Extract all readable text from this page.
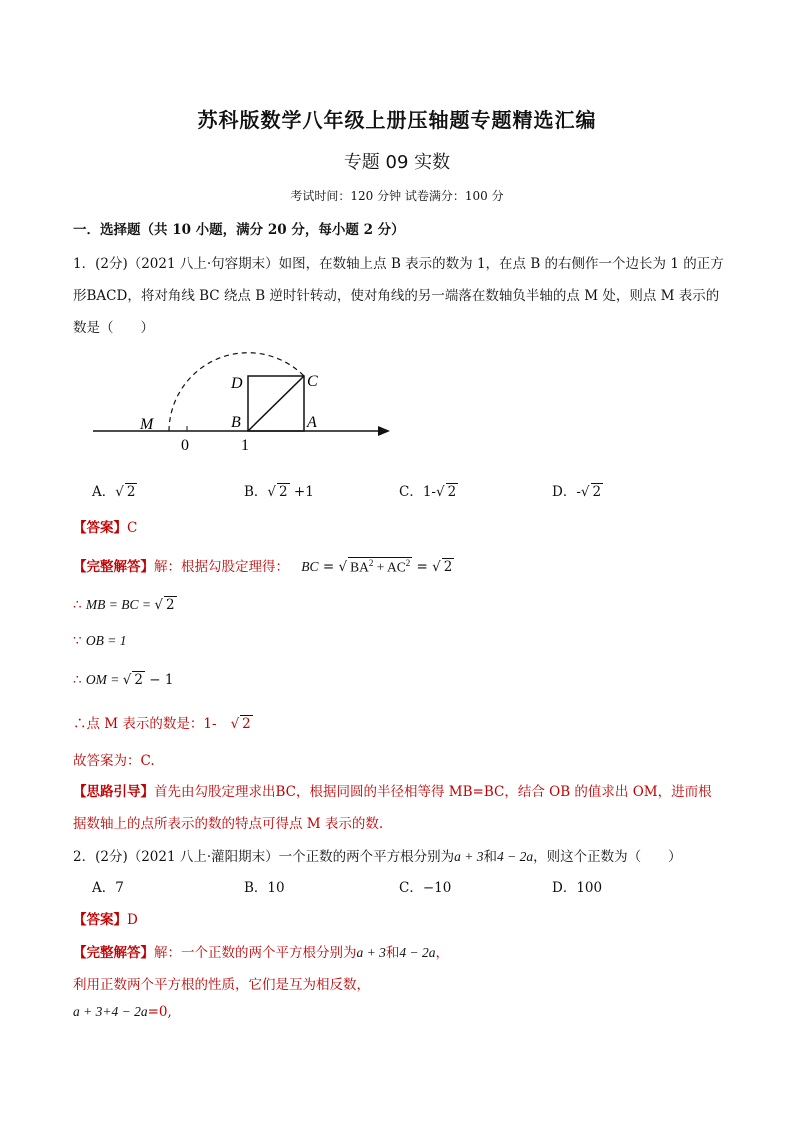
苏科版数学八年级上册压轴题专题精选汇编
专题 09 实数
考试时间：120 分钟 试卷满分：100 分
一．选择题（共 10 小题，满分 20 分，每小题 2 分）
1．(2分)（2021 八上·句容期末）如图，在数轴上点 B 表示的数为 1，在点 B 的右侧作一个边长为 1 的正方
形BACD，将对角线 BC 绕点 B 逆时针转动，使对角线的另一端落在数轴负半轴的点 M 处，则点 M 表示的
数是（　　）
M
0
B
1
A
C
D
A．√ 2	B．√ 2 +1	C．1-√ 2	D．-√ 2
【答案】C
【完整解答】解：根据勾股定理得： BC = √ $BA^2 + AC^2$ = √ 2
∴ MB = BC = √ 2
∵ OB = 1
∴ OM = √ 2 − 1
∴点 M 表示的数是：1- √ 2
故答案为：C.
【思路引导】首先由勾股定理求出BC，根据同圆的半径相等得 MB=BC，结合 OB 的值求出 OM，进而根
据数轴上的点所表示的数的特点可得点 M 表示的数.
2．(2分)（2021 八上·灌阳期末）一个正数的两个平方根分别为a + 3和4 − 2a，则这个正数为（　　）
A．7	B．10	C．−10	D．100
【答案】D
【完整解答】解：一个正数的两个平方根分别为a + 3和4 − 2a，
利用正数两个平方根的性质，它们是互为相反数，
a + 3+4 − 2a=0,
